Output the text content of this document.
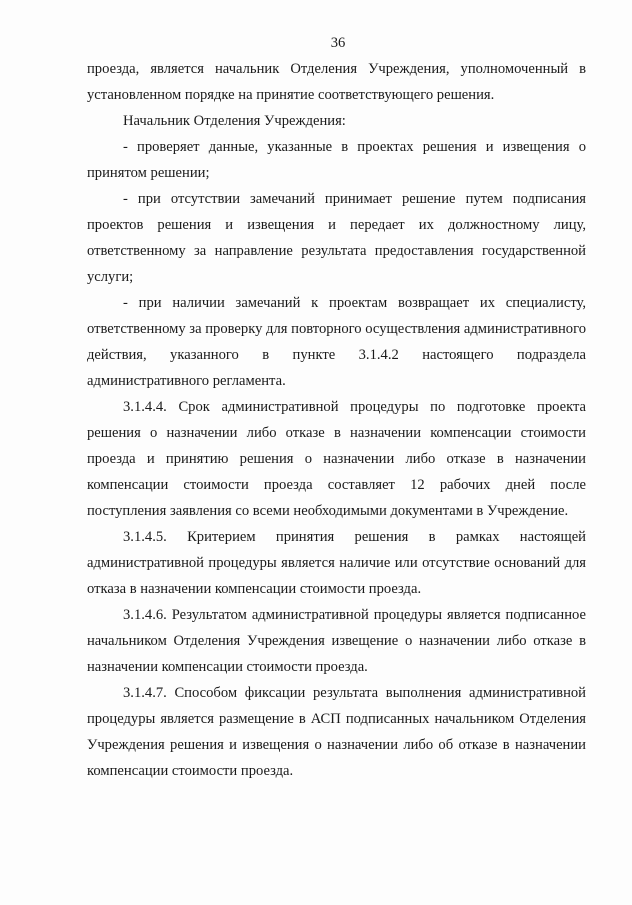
36

проезда, является начальник Отделения Учреждения, уполномоченный в установленном порядке на принятие соответствующего решения.

Начальник Отделения Учреждения:

- проверяет данные, указанные в проектах решения и извещения о принятом решении;

- при отсутствии замечаний принимает решение путем подписания проектов решения и извещения и передает их должностному лицу, ответственному за направление результата предоставления государственной услуги;

- при наличии замечаний к проектам возвращает их специалисту, ответственному за проверку для повторного осуществления административного действия, указанного в пункте 3.1.4.2 настоящего подраздела административного регламента.

3.1.4.4. Срок административной процедуры по подготовке проекта решения о назначении либо отказе в назначении компенсации стоимости проезда и принятию решения о назначении либо отказе в назначении компенсации стоимости проезда составляет 12 рабочих дней после поступления заявления со всеми необходимыми документами в Учреждение.

3.1.4.5. Критерием принятия решения в рамках настоящей административной процедуры является наличие или отсутствие оснований для отказа в назначении компенсации стоимости проезда.

3.1.4.6. Результатом административной процедуры является подписанное начальником Отделения Учреждения извещение о назначении либо отказе в назначении компенсации стоимости проезда.

3.1.4.7. Способом фиксации результата выполнения административной процедуры является размещение в АСП подписанных начальником Отделения Учреждения решения и извещения о назначении либо об отказе в назначении компенсации стоимости проезда.
